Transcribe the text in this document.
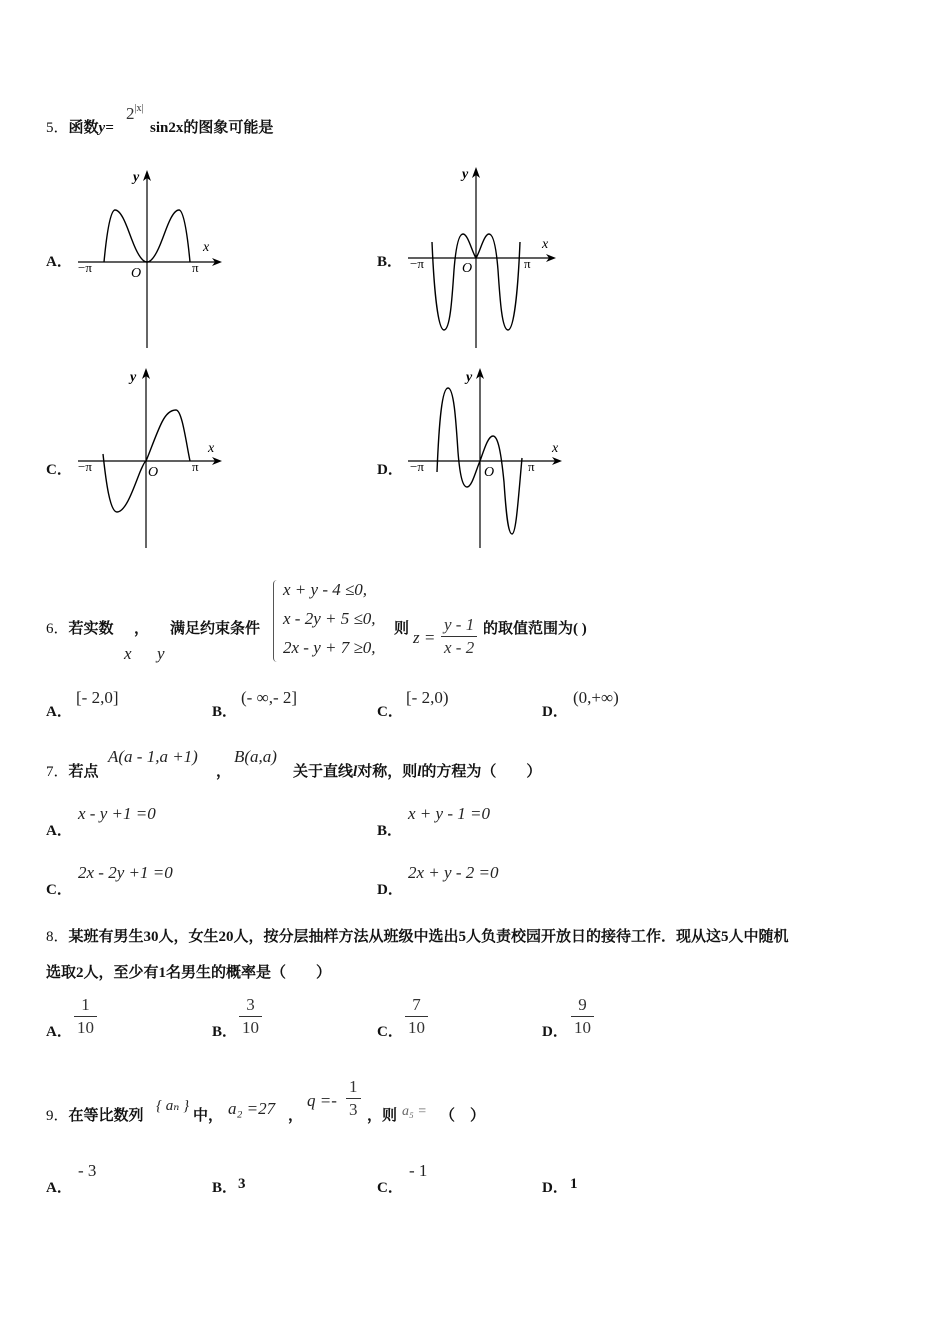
5．函数y=
$2^{|x|}$
sin2x的图象可能是
A．	B．
C．	D．
y
x
−π	π
O
y
x
−π	π
O
y
x
−π	π
O
y
x
−π	π
O
6．若实数 ， 满足约束条件
x y
x + y - 4 ≤0,
x - 2y + 5 ≤0,
2x - y + 7 ≥0,
则 $z = \frac{y - 1}{x - 2}$ 的取值范围为( )
A．
[- 2,0]
B．
(- ∞,- 2]
C．
[- 2,0)
D．
(0,+∞)
7．若点
A(a - 1,a +1)
，
B(a,a)
关于直线l对称，则l的方程为（　　）
A．
x - y +1 =0
B．
x + y - 1 =0
C．
2x - 2y +1 =0
D．
2x + y - 2 =0
8．某班有男生30人，女生20人，按分层抽样方法从班级中选出5人负责校园开放日的接待工作．现从这5人中随机
选取2人，至少有1名男生的概率是（　　）
A． $\frac{1}{10}$	B． $\frac{3}{10}$	C． $\frac{7}{10}$	D． $\frac{9}{10}$
9．在等比数列
{ aₙ }
中， a₂ =27 ，
$q =- \frac{1}{3}$ ，则 a₅ = （　）
A．
- 3
B． 3	C．
- 1
D． 1
